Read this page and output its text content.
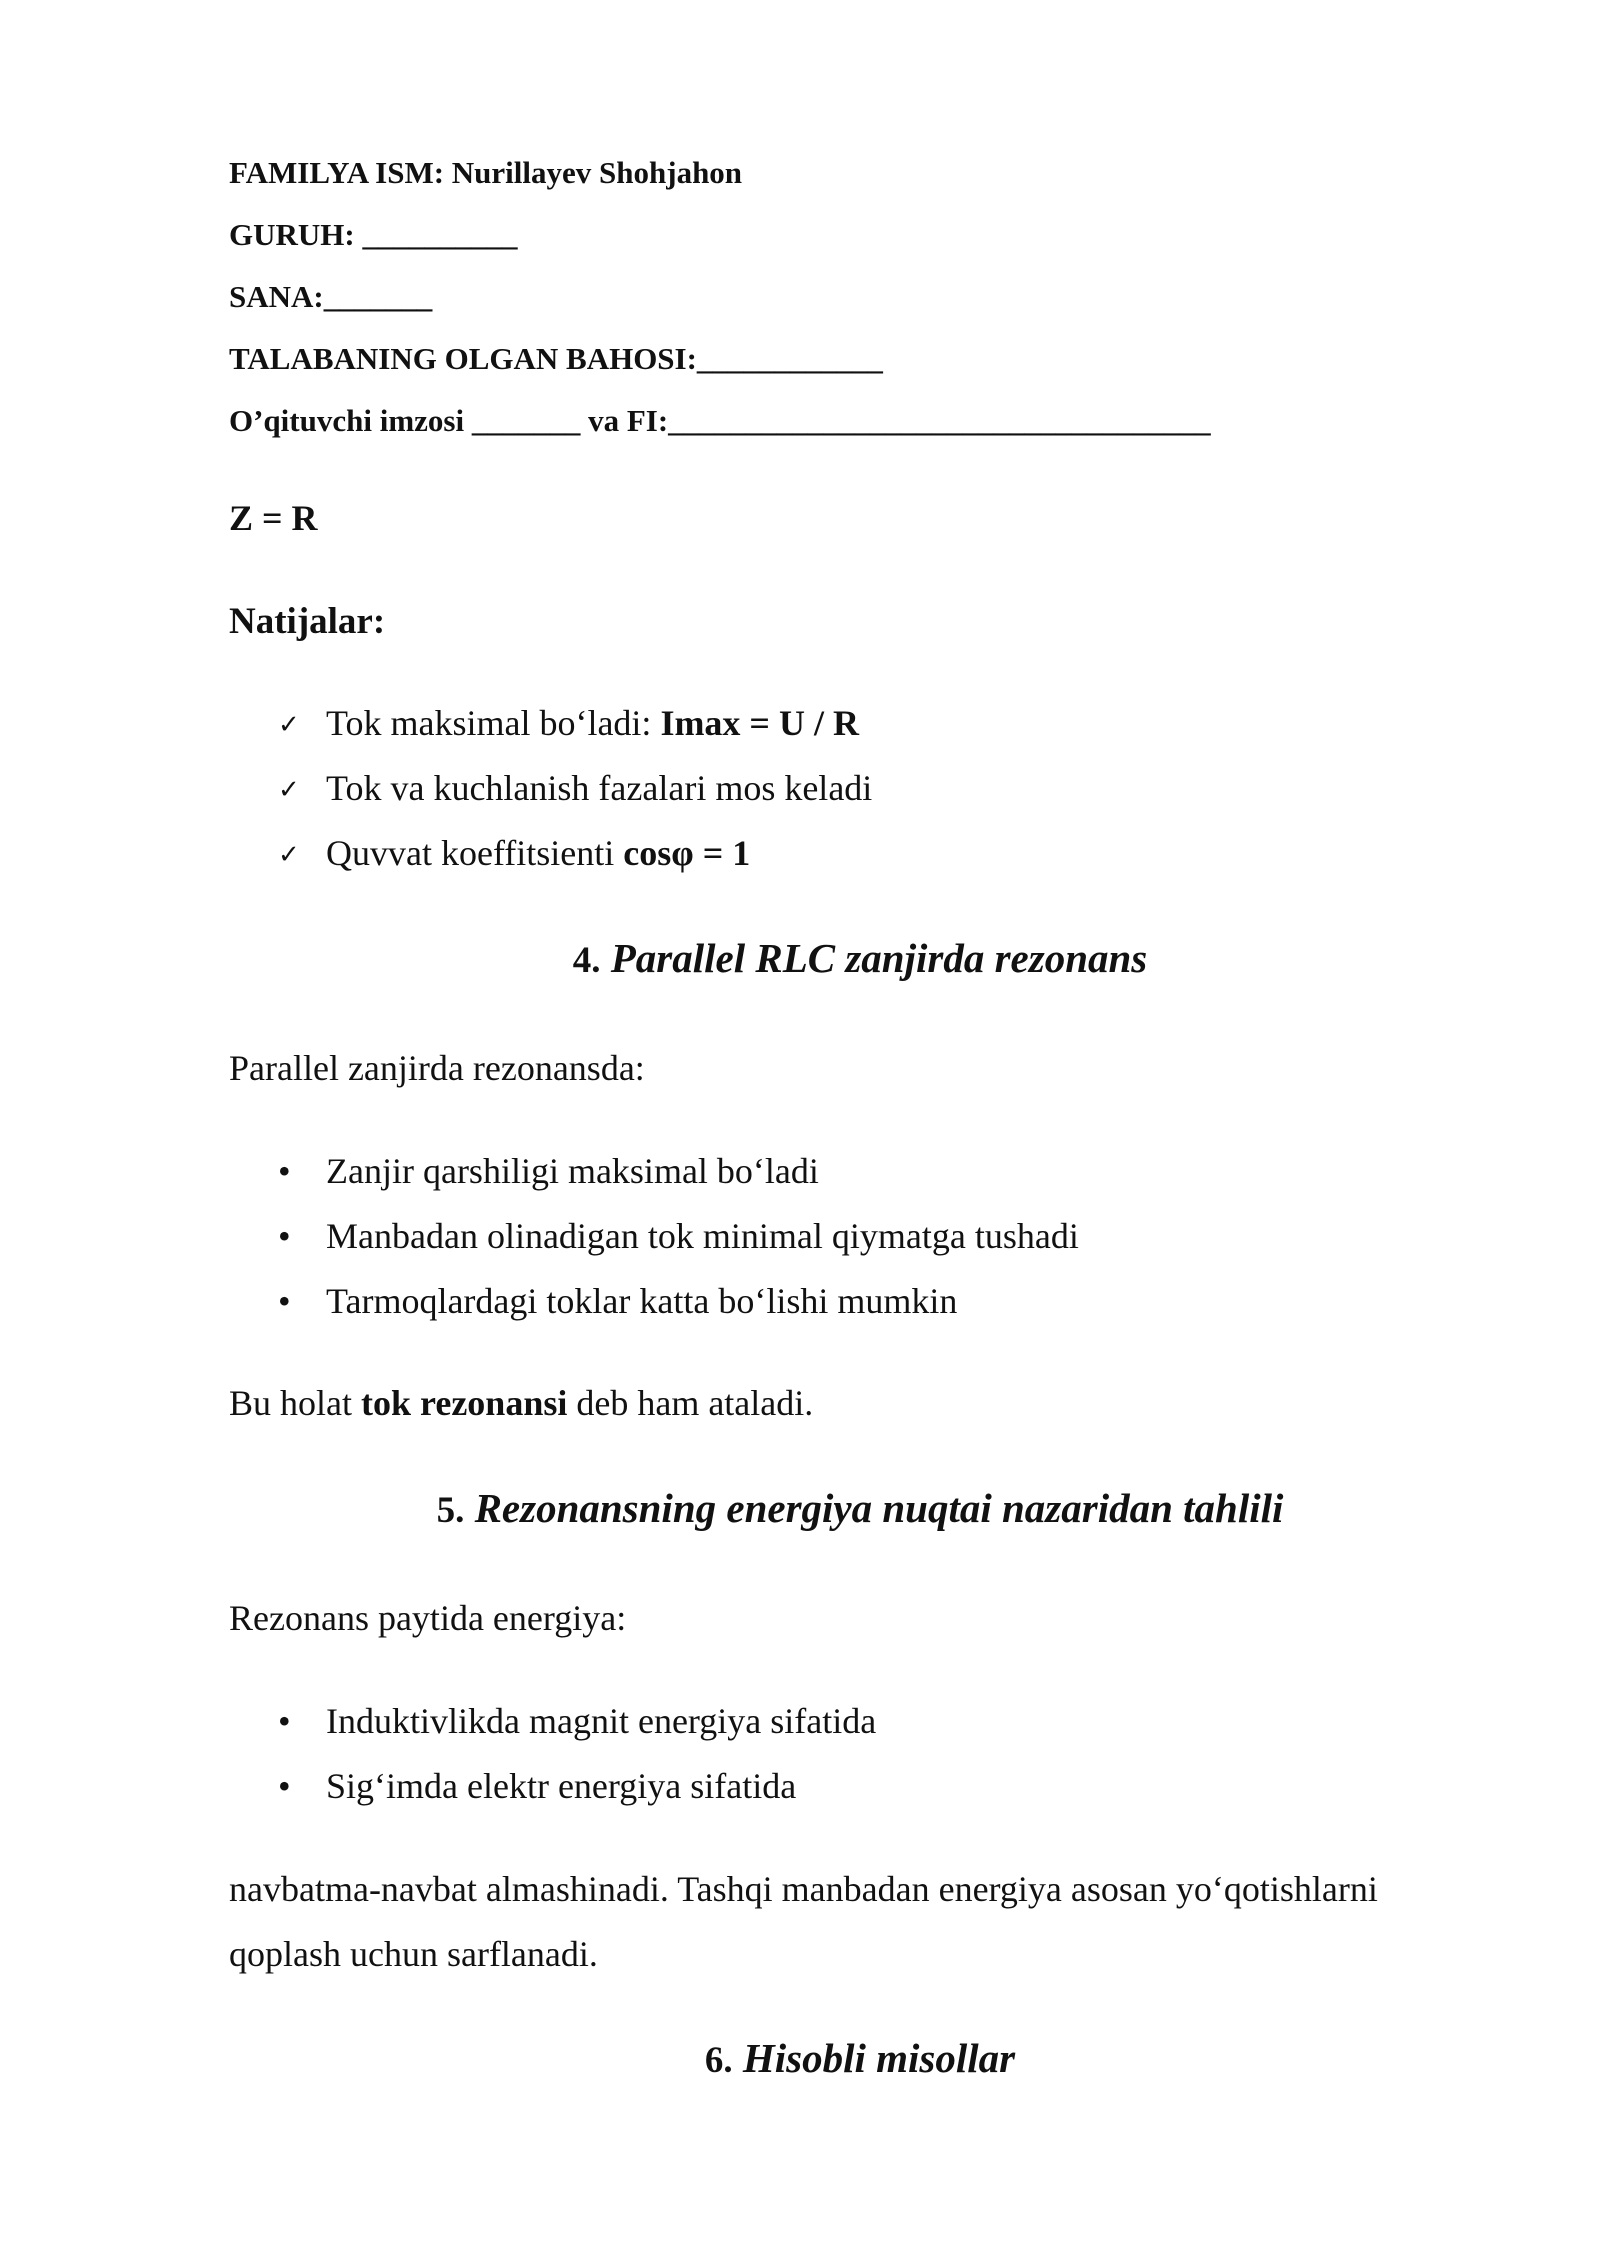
FAMILYA ISM: Nurillayev Shohjahon
GURUH: __________
SANA:_______
TALABANING OLGAN BAHOSI:____________
O’qituvchi imzosi _______ va FI:___________________________________
Z = R
Natijalar:
✓ Tok maksimal bo‘ladi: Imax = U / R
✓ Tok va kuchlanish fazalari mos keladi
✓ Quvvat koeffitsienti cosφ = 1
4. Parallel RLC zanjirda rezonans
Parallel zanjirda rezonansda:
• Zanjir qarshiligi maksimal bo‘ladi
• Manbadan olinadigan tok minimal qiymatga tushadi
• Tarmoqlardagi toklar katta bo‘lishi mumkin
Bu holat tok rezonansi deb ham ataladi.
5. Rezonansning energiya nuqtai nazaridan tahlili
Rezonans paytida energiya:
• Induktivlikda magnit energiya sifatida
• Sig‘imda elektr energiya sifatida
navbatma-navbat almashinadi. Tashqi manbadan energiya asosan yo‘qotishlarni
qoplash uchun sarflanadi.
6. Hisobli misollar
